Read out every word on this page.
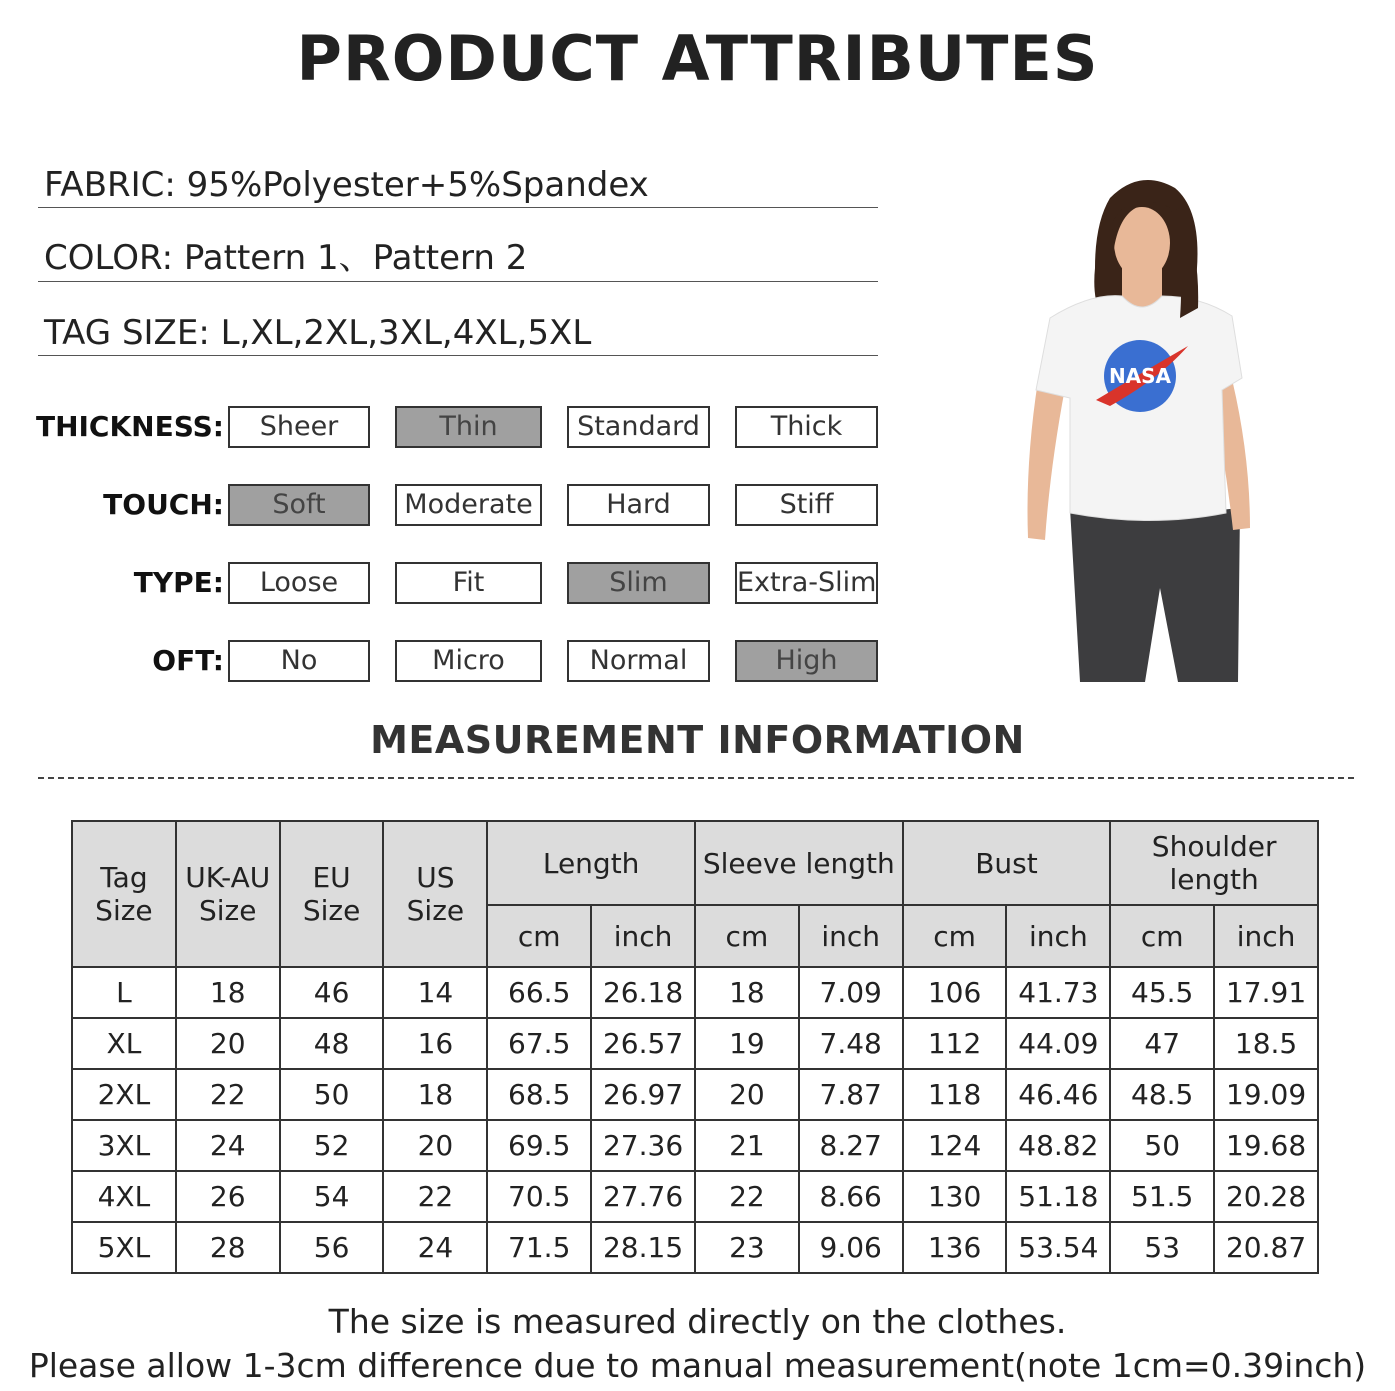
PRODUCT ATTRIBUTES
FABRIC: 95%Polyester+5%Spandex
COLOR: Pattern 1、Pattern 2
TAG SIZE: L,XL,2XL,3XL,4XL,5XL
THICKNESS:	Sheer	Thin	Standard	Thick
TOUCH:	Soft	Moderate	Hard	Stiff
TYPE:	Loose	Fit	Slim	Extra-Slim
OFT:	No	Micro	Normal	High
NASA
MEASUREMENT INFORMATION
Tag Size	UK-AU Size	EU Size	US Size	Length		Sleeve length		Bust		Shoulder length	
				cm	inch	cm	inch	cm	inch	cm	inch
L	18	46	14	66.5	26.18	18	7.09	106	41.73	45.5	17.91
XL	20	48	16	67.5	26.57	19	7.48	112	44.09	47	18.5
2XL	22	50	18	68.5	26.97	20	7.87	118	46.46	48.5	19.09
3XL	24	52	20	69.5	27.36	21	8.27	124	48.82	50	19.68
4XL	26	54	22	70.5	27.76	22	8.66	130	51.18	51.5	20.28
5XL	28	56	24	71.5	28.15	23	9.06	136	53.54	53	20.87
The size is measured directly on the clothes.
Please allow 1-3cm difference due to manual measurement(note 1cm=0.39inch)
